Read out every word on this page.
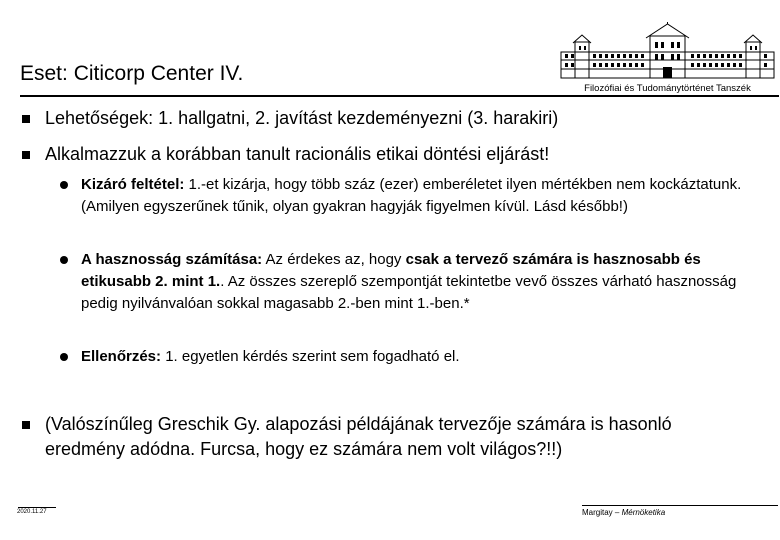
Eset: Citicorp Center IV.
Filozófiai és Tudománytörténet Tanszék
Lehetőségek: 1. hallgatni, 2. javítást kezdeményezni (3. harakiri)
Alkalmazzuk a korábban tanult racionális etikai döntési eljárást!
Kizáró feltétel: 1.-et kizárja, hogy több száz (ezer) emberéletet ilyen mértékben nem kockáztatunk. (Amilyen egyszerűnek tűnik, olyan gyakran hagyják figyelmen kívül. Lásd később!)
A hasznosság számítása: Az érdekes az, hogy csak a tervező számára is hasznosabb és etikusabb 2. mint 1.. Az összes szereplő szempontját tekintetbe vevő összes várható hasznosság pedig nyilvánvalóan sokkal magasabb 2.-ben mint 1.-ben.*
Ellenőrzés: 1. egyetlen kérdés szerint sem fogadható el.
(Valószínűleg Greschik Gy. alapozási példájának tervezője számára is hasonló eredmény adódna. Furcsa, hogy ez számára nem volt világos?!!)
2020.11.27	Margitay – Mérnöketika
